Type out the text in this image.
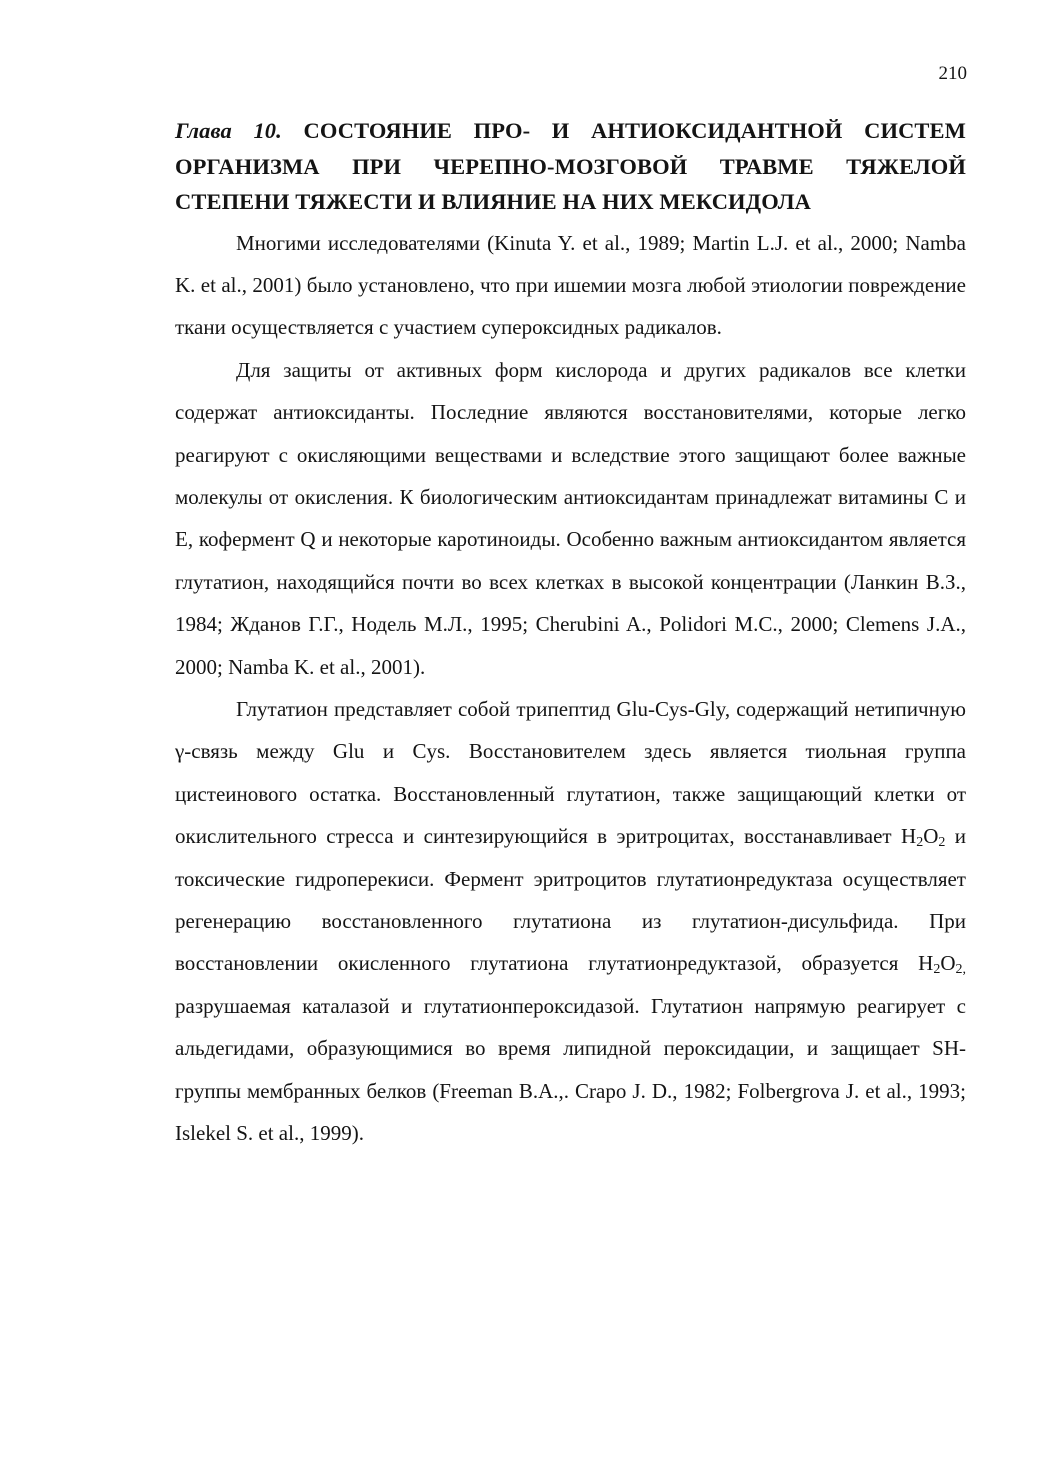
210
Глава 10. СОСТОЯНИЕ ПРО- И АНТИОКСИДАНТНОЙ СИСТЕМ ОРГАНИЗМА ПРИ ЧЕРЕПНО-МОЗГОВОЙ ТРАВМЕ ТЯЖЕЛОЙ СТЕПЕНИ ТЯЖЕСТИ И ВЛИЯНИЕ НА НИХ МЕКСИДОЛА

Многими исследователями (Kinuta Y. et al., 1989; Martin L.J. et al., 2000; Namba K. et al., 2001) было установлено, что при ишемии мозга любой этиологии повреждение ткани осуществляется с участием супероксидных радикалов.

Для защиты от активных форм кислорода и других радикалов все клетки содержат антиоксиданты. Последние являются восстановителями, которые легко реагируют с окисляющими веществами и вследствие этого защищают более важные молекулы от окисления. К биологическим антиоксидантам принадлежат витамины С и Е, кофермент Q и некоторые каротиноиды. Особенно важным антиоксидантом является глутатион, находящийся почти во всех клетках в высокой концентрации (Ланкин В.З., 1984; Жданов Г.Г., Нодель М.Л., 1995; Cherubini A., Polidori M.C., 2000; Clemens J.A., 2000; Namba K. et al., 2001).

Глутатион представляет собой трипептид Glu-Cys-Gly, содержащий нетипичную γ-связь между Glu и Cys. Восстановителем здесь является тиольная группа цистеинового остатка. Восстановленный глутатион, также защищающий клетки от окислительного стресса и синтезирующийся в эритроцитах, восстанавливает $H_2O_2$ и токсические гидроперекиси. Фермент эритроцитов глутатионредуктаза осуществляет регенерацию восстановленного глутатиона из глутатион-дисульфида. При восстановлении окисленного глутатиона глутатионредуктазой, образуется $H_2O_{2,}$ разрушаемая каталазой и глутатионпероксидазой. Глутатион напрямую реагирует с альдегидами, образующимися во время липидной пероксидации, и защищает SH-группы мембранных белков (Freeman B.A.,. Crapo J. D., 1982; Folbergrova J. et al., 1993; Islekel S. et al., 1999).
